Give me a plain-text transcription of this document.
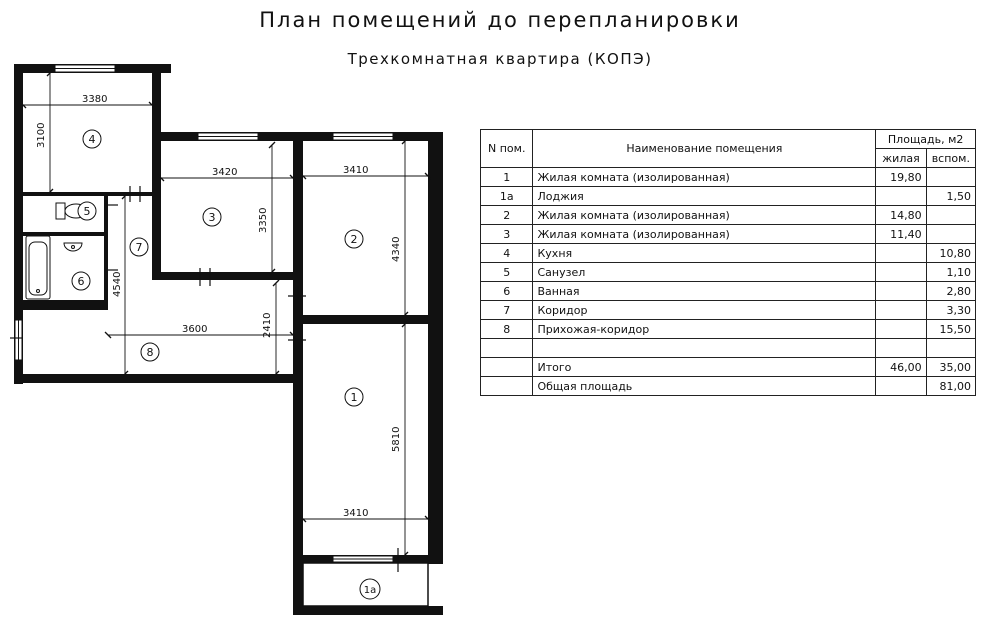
План помещений до перепланировки
Трехкомнатная квартира (КОПЭ)
3380
3100
3420
3350
3410
4340
4540
3600	2410
5810
3410
4
3
2
5
6
7
8
1
1а
N пом.	Наименование помещения	Площадь, м2	
		жилая	вспом.
1	Жилая комната (изолированная)	19,80	
1а	Лоджия		1,50
2	Жилая комната (изолированная)	14,80	
3	Жилая комната (изолированная)	11,40	
4	Кухня		10,80
5	Санузел		1,10
6	Ванная		2,80
7	Коридор		3,30
8	Прихожая-коридор		15,50

	Итого	46,00	35,00
	Общая площадь		81,00
